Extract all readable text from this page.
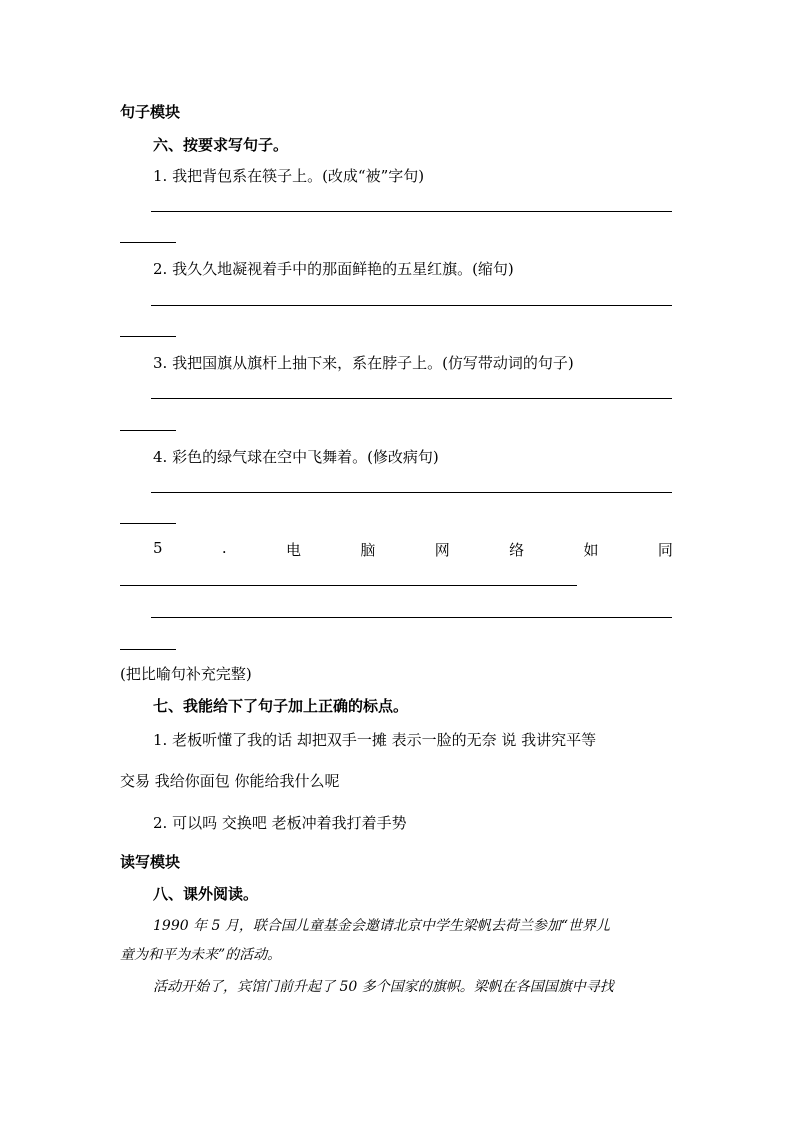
句子模块
六、按要求写句子。
1. 我把背包系在筷子上。(改成“被”字句)
2. 我久久地凝视着手中的那面鲜艳的五星红旗。(缩句)
3. 我把国旗从旗杆上抽下来，系在脖子上。(仿写带动词的句子)
4. 彩色的绿气球在空中飞舞着。(修改病句)
5	.	电	脑	网	络	如	同
(把比喻句补充完整)
七、我能给下了句子加上正确的标点。
1. 老板听懂了我的话 却把双手一摊 表示一脸的无奈 说 我讲究平等
交易 我给你面包 你能给我什么呢
2. 可以吗 交换吧 老板冲着我打着手势
读写模块
八、课外阅读。
1990 年 5 月，联合国儿童基金会邀请北京中学生梁帆去荷兰参加“世界儿
童为和平为未来”的活动。
活动开始了，宾馆门前升起了 50 多个国家的旗帜。梁帆在各国国旗中寻找
